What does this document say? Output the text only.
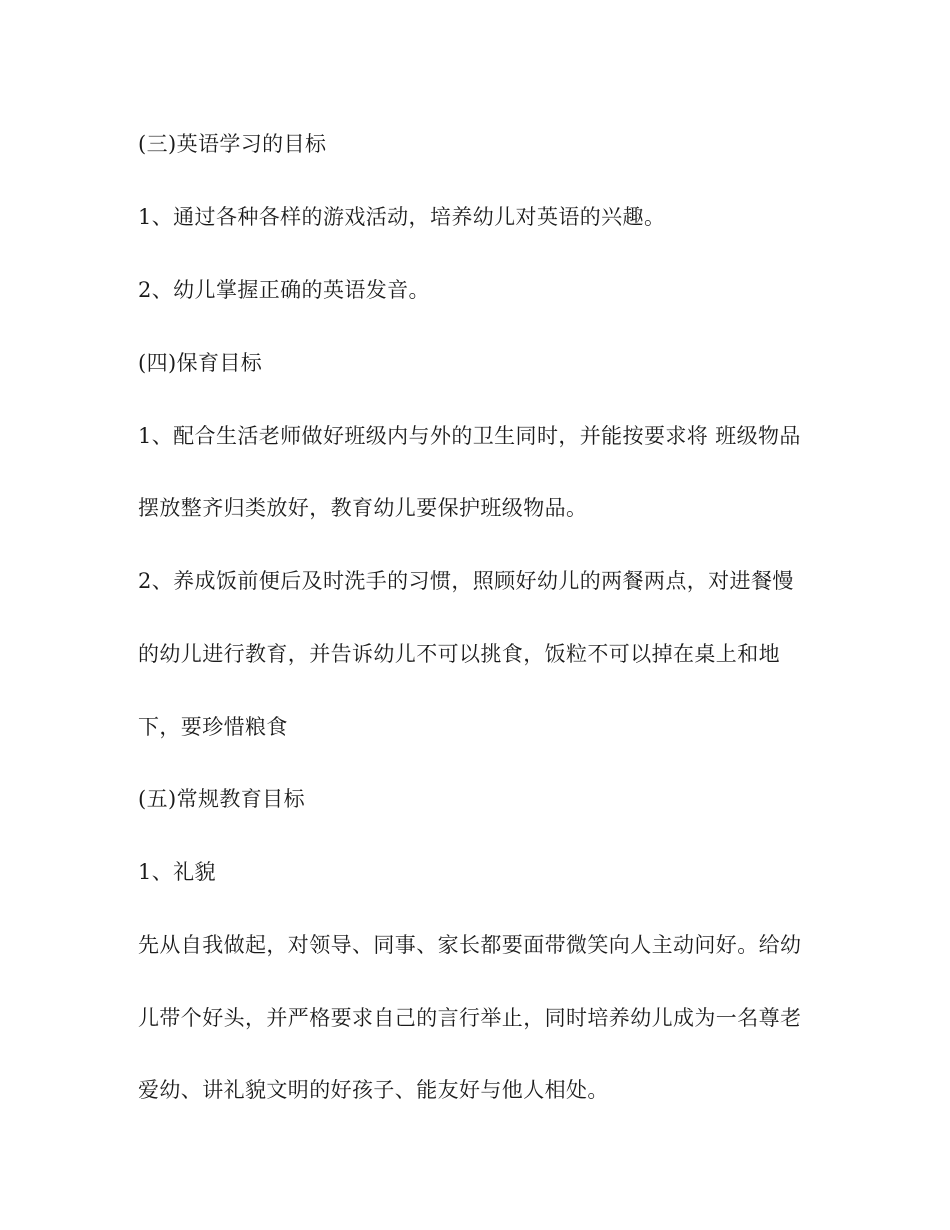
(三)英语学习的目标
1、通过各种各样的游戏活动，培养幼儿对英语的兴趣。
2、幼儿掌握正确的英语发音。
(四)保育目标
1、配合生活老师做好班级内与外的卫生同时，并能按要求将 班级物品
摆放整齐归类放好，教育幼儿要保护班级物品。
2、养成饭前便后及时洗手的习惯，照顾好幼儿的两餐两点，对进餐慢
的幼儿进行教育，并告诉幼儿不可以挑食，饭粒不可以掉在桌上和地
下，要珍惜粮食
(五)常规教育目标
1、礼貌
先从自我做起，对领导、同事、家长都要面带微笑向人主动问好。给幼
儿带个好头，并严格要求自己的言行举止，同时培养幼儿成为一名尊老
爱幼、讲礼貌文明的好孩子、能友好与他人相处。
